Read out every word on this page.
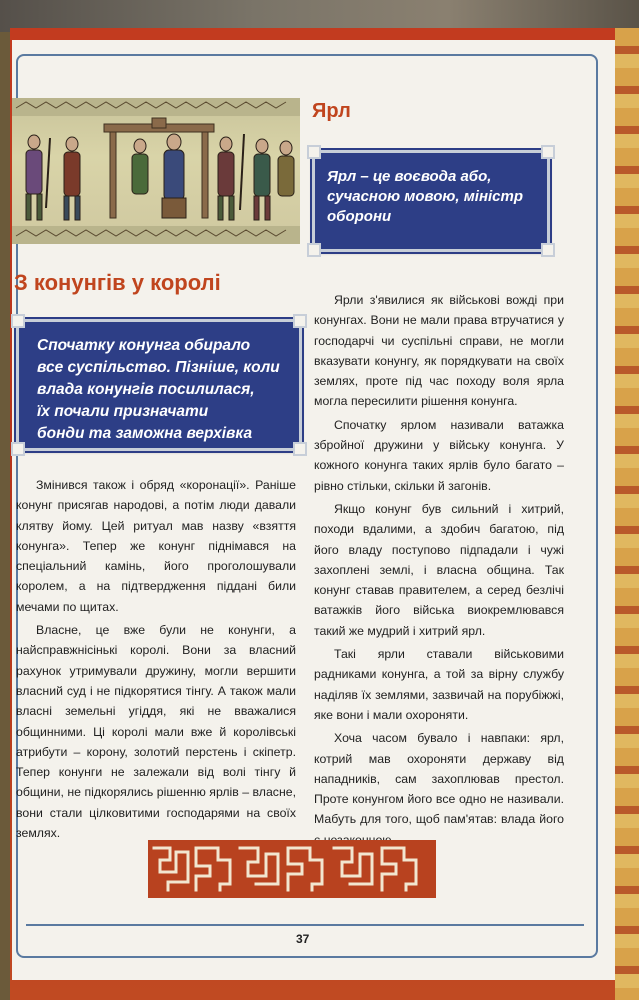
Ярл
Ярл – це воєвода або,
сучасною мовою, міністр
оборони
З конунгів у королі
Спочатку конунга обирало
все суспільство. Пізніше, коли
влада конунгів посилилася,
їх почали призначати
бонди та заможна верхівка

Змінився також і обряд «коронації». Раніше конунг присягав народові, а потім люди давали клятву йому. Цей ритуал мав назву «взяття конунга». Тепер же конунг піднімався на спеціальний камінь, його проголошували королем, а на підтвердження піддані били мечами по щитах.

Власне, це вже були не конунги, а найсправжнісінькі королі. Вони за власний рахунок утримували дружину, могли вершити власний суд і не підкорятися тінгу. А також мали власні земельні угіддя, які не вважалися общинними. Ці королі мали вже й королівські атрибути – корону, золотий перстень і скіпетр. Тепер конунги не залежали від волі тінгу й общини, не підкорялись рішенню ярлів – власне, вони стали цілковитими господарями на своїх землях.

Ярли з'явилися як військові вожді при конунгах. Вони не мали права втручатися у господарчі чи суспільні справи, не могли вказувати конунгу, як порядкувати на своїх землях, проте під час походу воля ярла могла пересилити рішення конунга.

Спочатку ярлом називали ватажка збройної дружини у війську конунга. У кожного конунга таких ярлів було багато – рівно стільки, скільки й загонів.

Якщо конунг був сильний і хитрий, походи вдалими, а здобич багатою, під його владу поступово підпадали і чужі захоплені землі, і власна община. Так конунг ставав правителем, а серед безлічі ватажків його війська виокремлювався такий же мудрий і хитрий ярл.

Такі ярли ставали військовими радниками конунга, а той за вірну службу наділяв їх землями, зазвичай на порубіжжі, яке вони і мали охороняти.

Хоча часом бувало і навпаки: ярл, котрий мав охороняти державу від нападників, сам захоплював престол. Проте конунгом його все одно не називали. Мабуть для того, щоб пам'ятав: влада його

37
